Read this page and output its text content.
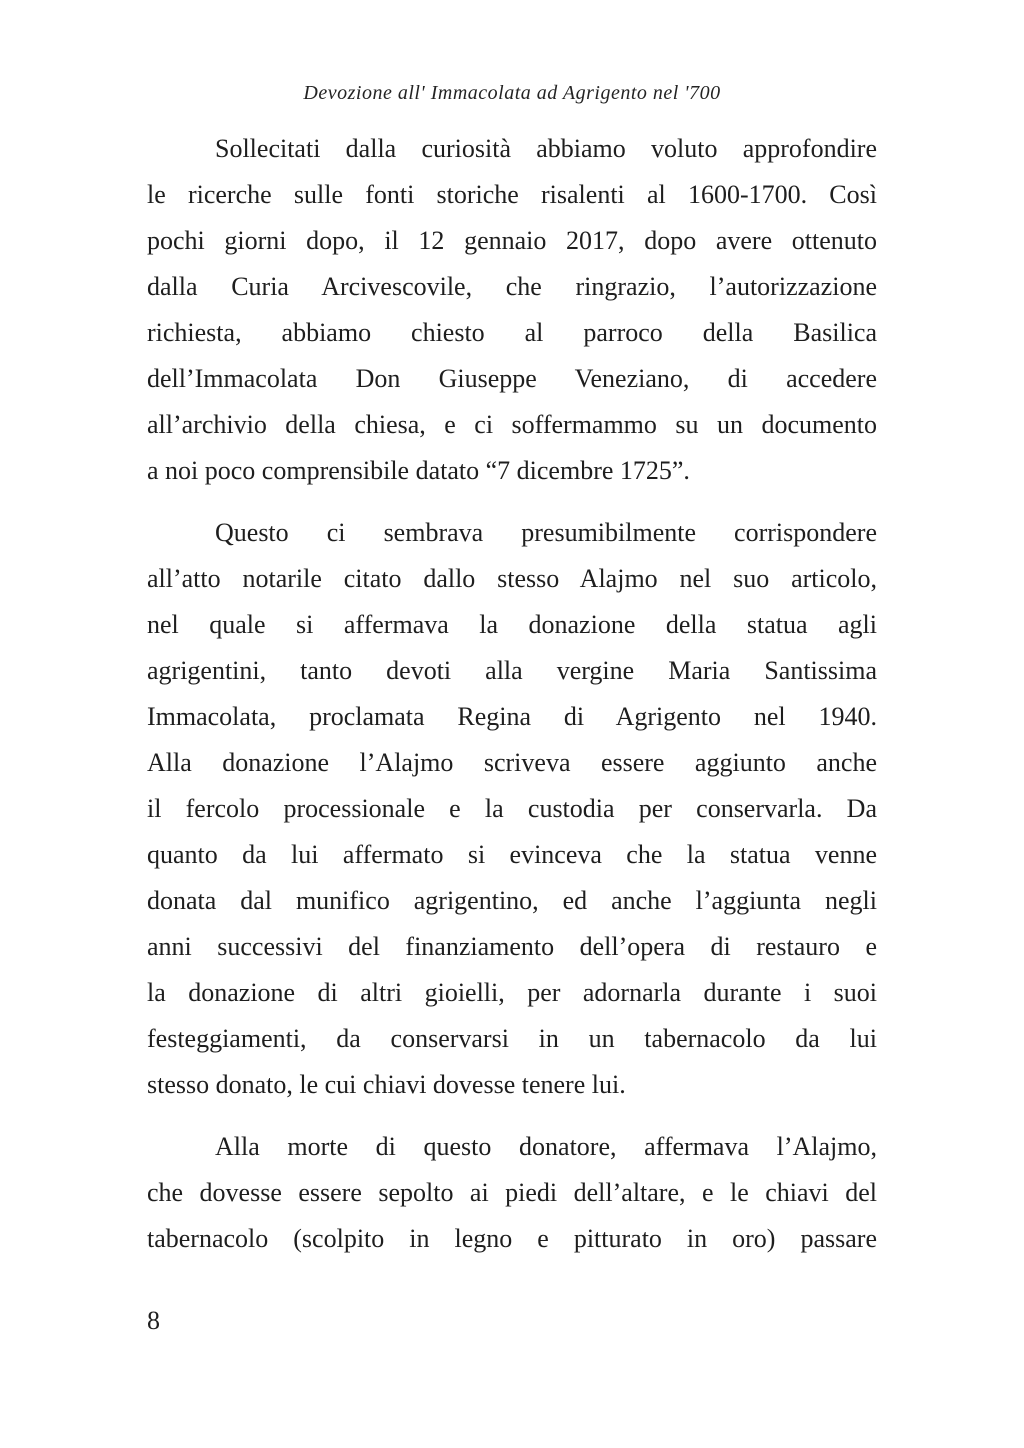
Devozione all' Immacolata ad Agrigento nel '700
Sollecitati dalla curiosità abbiamo voluto approfondire
le ricerche sulle fonti storiche risalenti al 1600-1700. Così
pochi giorni dopo, il 12 gennaio 2017, dopo avere ottenuto
dalla Curia Arcivescovile, che ringrazio, l’autorizzazione
richiesta, abbiamo chiesto al parroco della Basilica
dell’Immacolata Don Giuseppe Veneziano, di accedere
all’archivio della chiesa, e ci soffermammo su un documento
a noi poco comprensibile datato “7 dicembre 1725”.
Questo ci sembrava presumibilmente corrispondere
all’atto notarile citato dallo stesso Alajmo nel suo articolo,
nel quale si affermava la donazione della statua agli
agrigentini, tanto devoti alla vergine Maria Santissima
Immacolata, proclamata Regina di Agrigento nel 1940.
Alla donazione l’Alajmo scriveva essere aggiunto anche
il fercolo processionale e la custodia per conservarla. Da
quanto da lui affermato si evinceva che la statua venne
donata dal munifico agrigentino, ed anche l’aggiunta negli
anni successivi del finanziamento dell’opera di restauro e
la donazione di altri gioielli, per adornarla durante i suoi
festeggiamenti, da conservarsi in un tabernacolo da lui
stesso donato, le cui chiavi dovesse tenere lui.
Alla morte di questo donatore, affermava l’Alajmo,
che dovesse essere sepolto ai piedi dell’altare, e le chiavi del
tabernacolo (scolpito in legno e pitturato in oro) passare
8
